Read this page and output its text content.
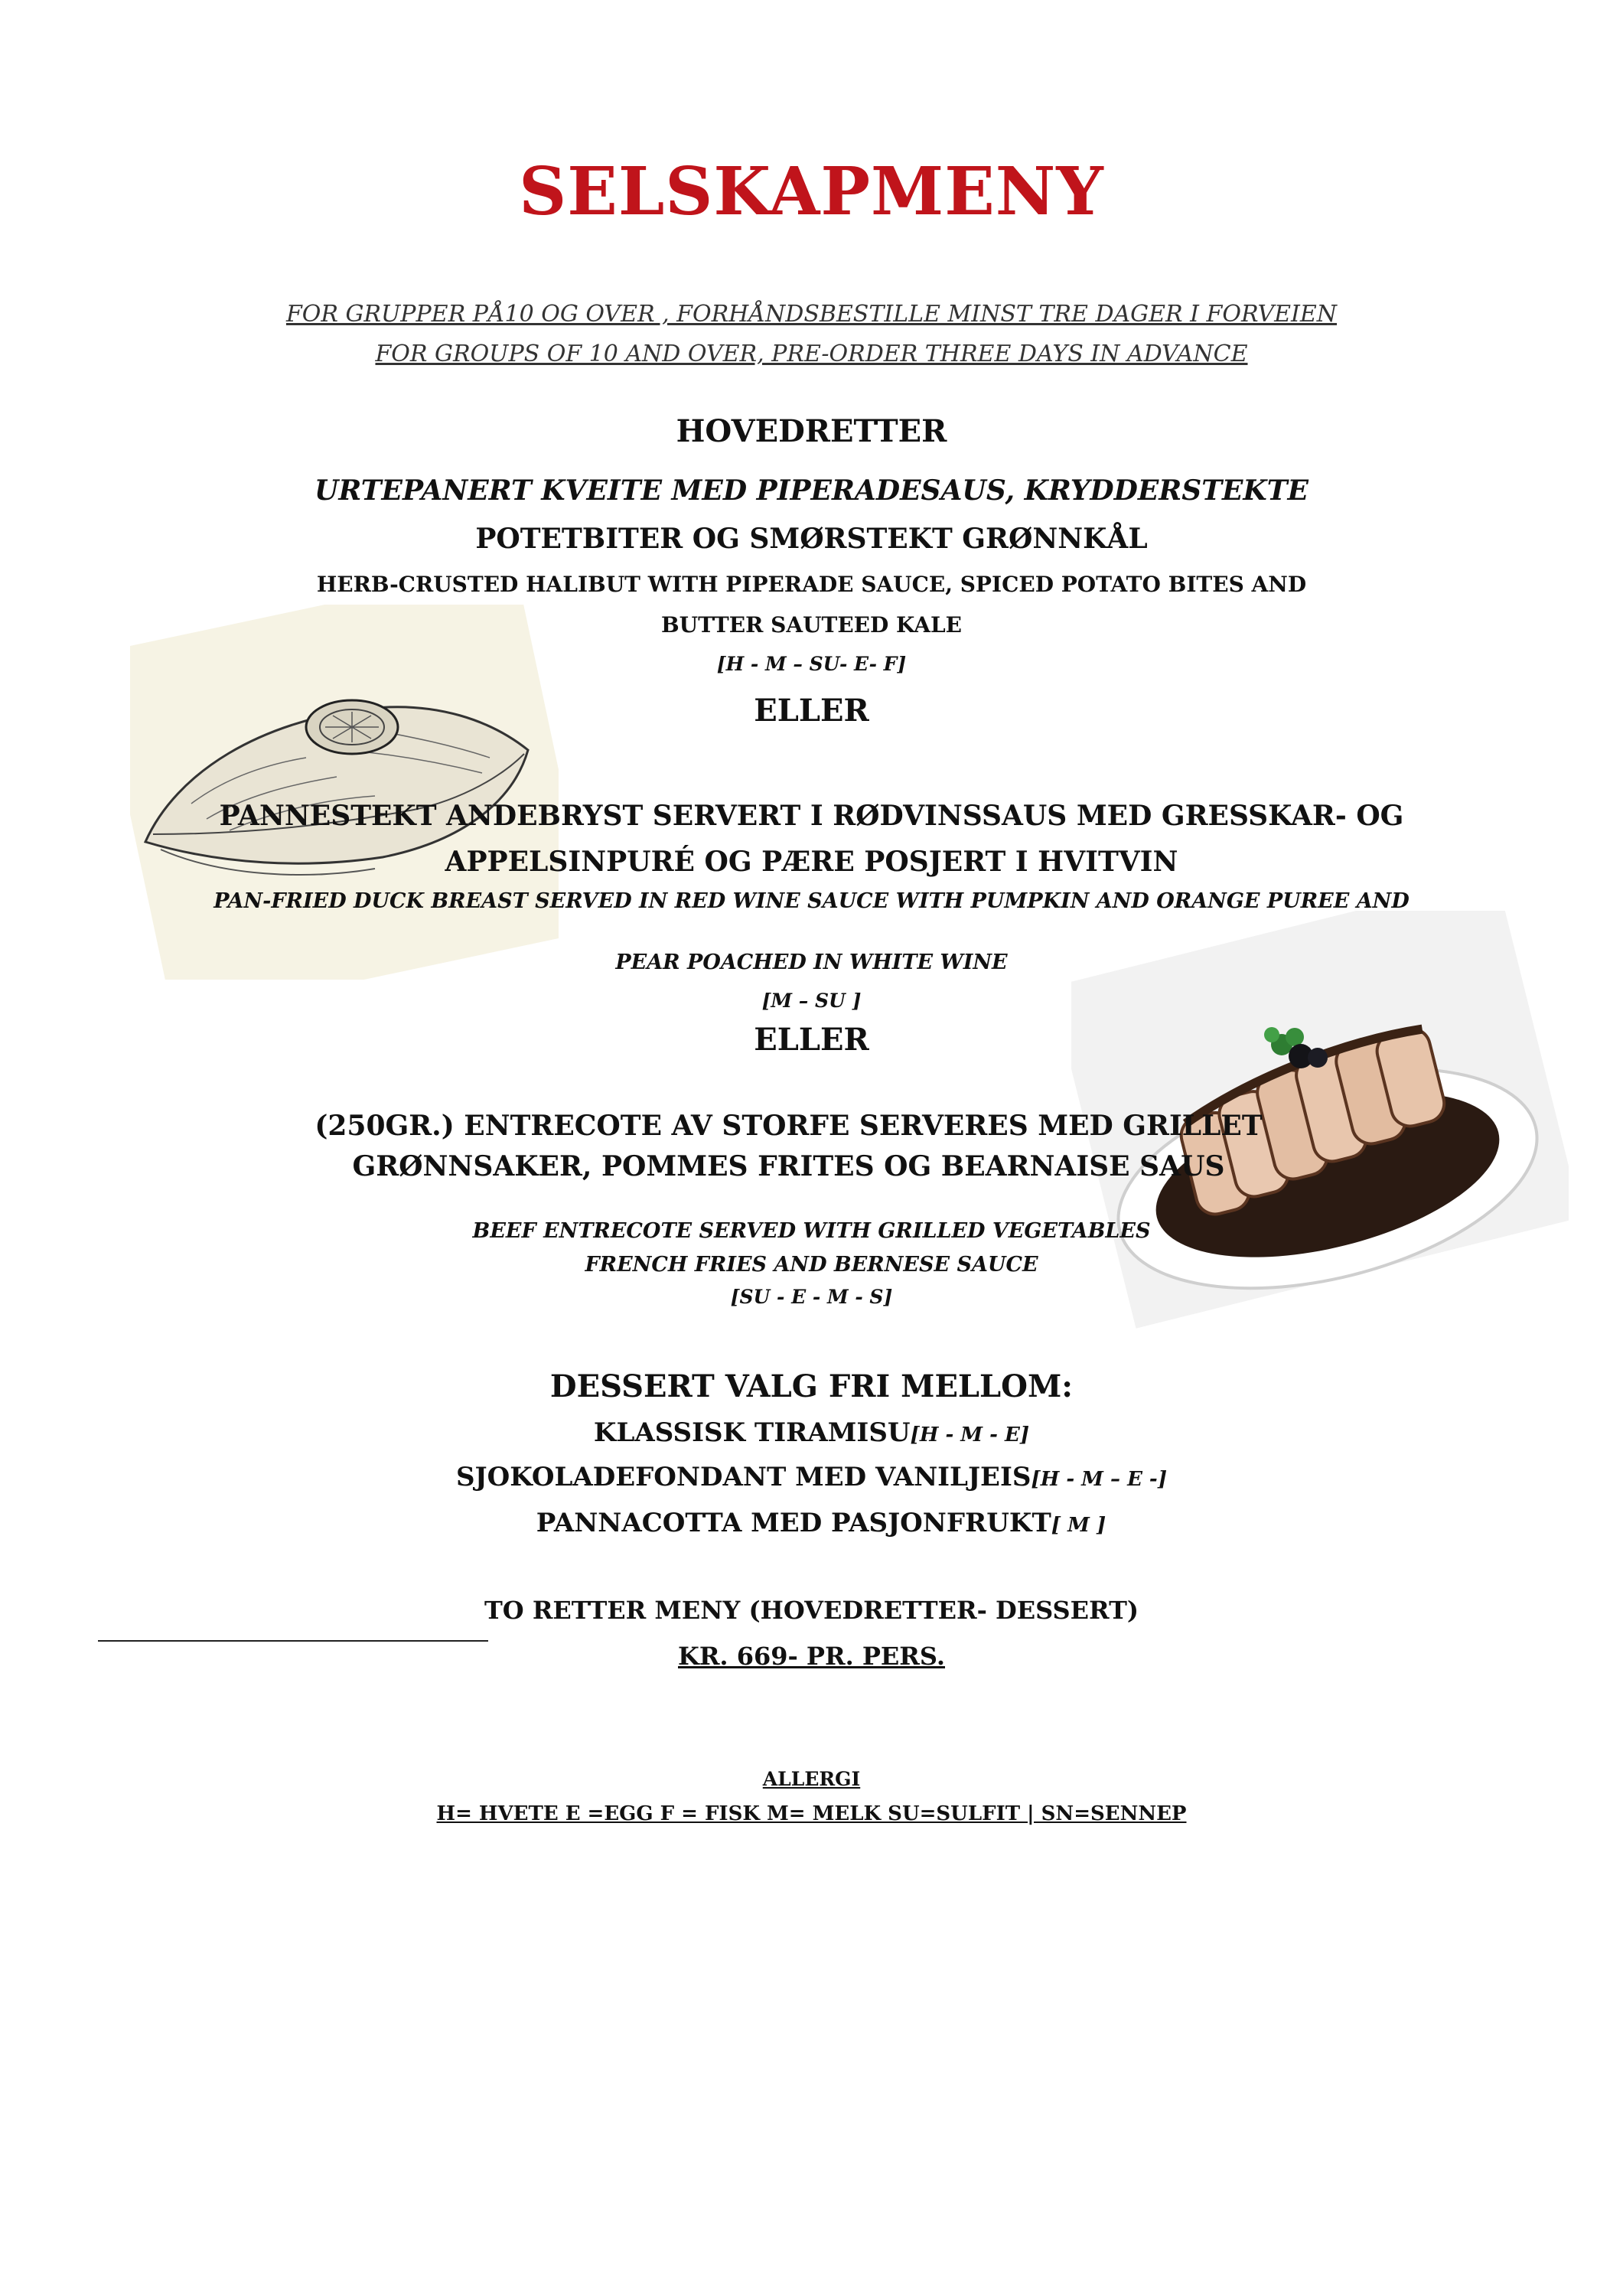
SELSKAPMENY
FOR GRUPPER PÅ10 OG OVER , FORHÅNDSBESTILLE MINST TRE DAGER I FORVEIEN
FOR GROUPS OF 10 AND OVER, PRE-ORDER THREE DAYS IN ADVANCE
HOVEDRETTER
URTEPANERT KVEITE MED PIPERADESAUS, KRYDDERSTEKTE
POTETBITER OG SMØRSTEKT GRØNNKÅL
HERB-CRUSTED HALIBUT WITH PIPERADE SAUCE, SPICED POTATO BITES AND
BUTTER SAUTEED KALE
[H - M – SU- E- F]
ELLER
PANNESTEKT ANDEBRYST SERVERT I RØDVINSSAUS MED GRESSKAR- OG
APPELSINPURÉ OG PÆRE POSJERT I HVITVIN
PAN-FRIED DUCK BREAST SERVED IN RED WINE SAUCE WITH PUMPKIN AND ORANGE PUREE AND
PEAR POACHED IN WHITE WINE
[M – SU ]
ELLER
(250GR.) ENTRECOTE AV STORFE SERVERES MED GRILLET
GRØNNSAKER, POMMES FRITES OG BEARNAISE SAUS
BEEF ENTRECOTE SERVED WITH GRILLED VEGETABLES
FRENCH FRIES AND BERNESE SAUCE
[SU - E - M - S]
DESSERT VALG FRI MELLOM:
KLASSISK TIRAMISU[H - M - E]
SJOKOLADEFONDANT MED VANILJEIS[H - M – E -]
PANNACOTTA MED PASJONFRUKT[ M ]
TO RETTER MENY (HOVEDRETTER- DESSERT)
KR. 669- PR. PERS.
ALLERGI
H= HVETE E =EGG F = FISK M= MELK SU=SULFIT | SN=SENNEP
